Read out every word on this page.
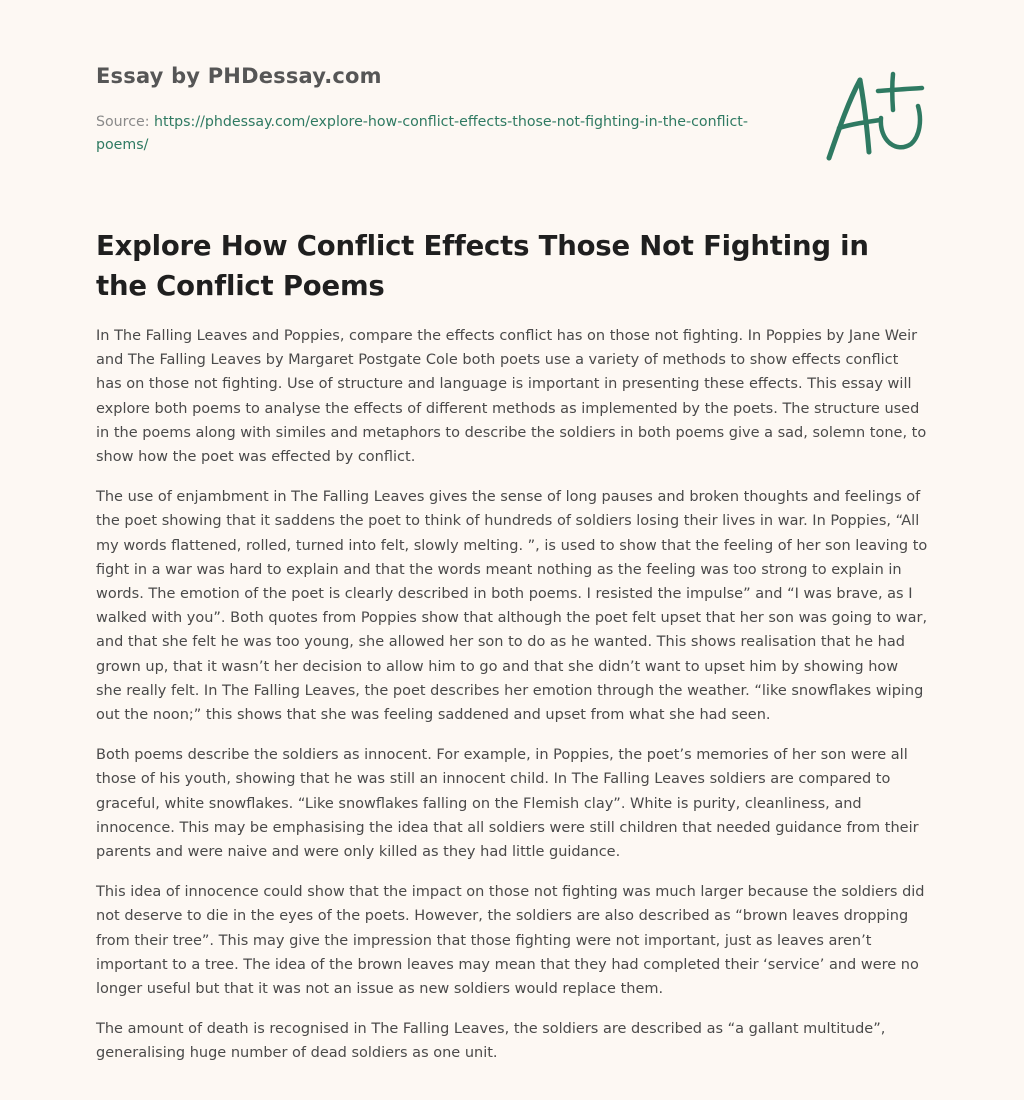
Essay by PHDessay.com
Source: https://phdessay.com/explore-how-conflict-effects-those-not-fighting-in-the-conflict-poems/
Explore How Conflict Effects Those Not Fighting in the Conflict Poems

In The Falling Leaves and Poppies, compare the effects conflict has on those not fighting. In Poppies by Jane Weir and The Falling Leaves by Margaret Postgate Cole both poets use a variety of methods to show effects conflict has on those not fighting. Use of structure and language is important in presenting these effects. This essay will explore both poems to analyse the effects of different methods as implemented by the poets. The structure used in the poems along with similes and metaphors to describe the soldiers in both poems give a sad, solemn tone, to show how the poet was effected by conflict.

The use of enjambment in The Falling Leaves gives the sense of long pauses and broken thoughts and feelings of the poet showing that it saddens the poet to think of hundreds of soldiers losing their lives in war. In Poppies, “All my words flattened, rolled, turned into felt, slowly melting. ”, is used to show that the feeling of her son leaving to fight in a war was hard to explain and that the words meant nothing as the feeling was too strong to explain in words. The emotion of the poet is clearly described in both poems. I resisted the impulse” and “I was brave, as I walked with you”. Both quotes from Poppies show that although the poet felt upset that her son was going to war, and that she felt he was too young, she allowed her son to do as he wanted. This shows realisation that he had grown up, that it wasn’t her decision to allow him to go and that she didn’t want to upset him by showing how she really felt. In The Falling Leaves, the poet describes her emotion through the weather. “like snowflakes wiping out the noon;” this shows that she was feeling saddened and upset from what she had seen.

Both poems describe the soldiers as innocent. For example, in Poppies, the poet’s memories of her son were all those of his youth, showing that he was still an innocent child. In The Falling Leaves soldiers are compared to graceful, white snowflakes. “Like snowflakes falling on the Flemish clay”. White is purity, cleanliness, and innocence. This may be emphasising the idea that all soldiers were still children that needed guidance from their parents and were naive and were only killed as they had little guidance.

This idea of innocence could show that the impact on those not fighting was much larger because the soldiers did not deserve to die in the eyes of the poets. However, the soldiers are also described as “brown leaves dropping from their tree”. This may give the impression that those fighting were not important, just as leaves aren’t important to a tree. The idea of the brown leaves may mean that they had completed their ‘service’ and were no longer useful but that it was not an issue as new soldiers would replace them.

The amount of death is recognised in The Falling Leaves, the soldiers are described as “a gallant multitude”, generalising huge number of dead soldiers as one unit.
